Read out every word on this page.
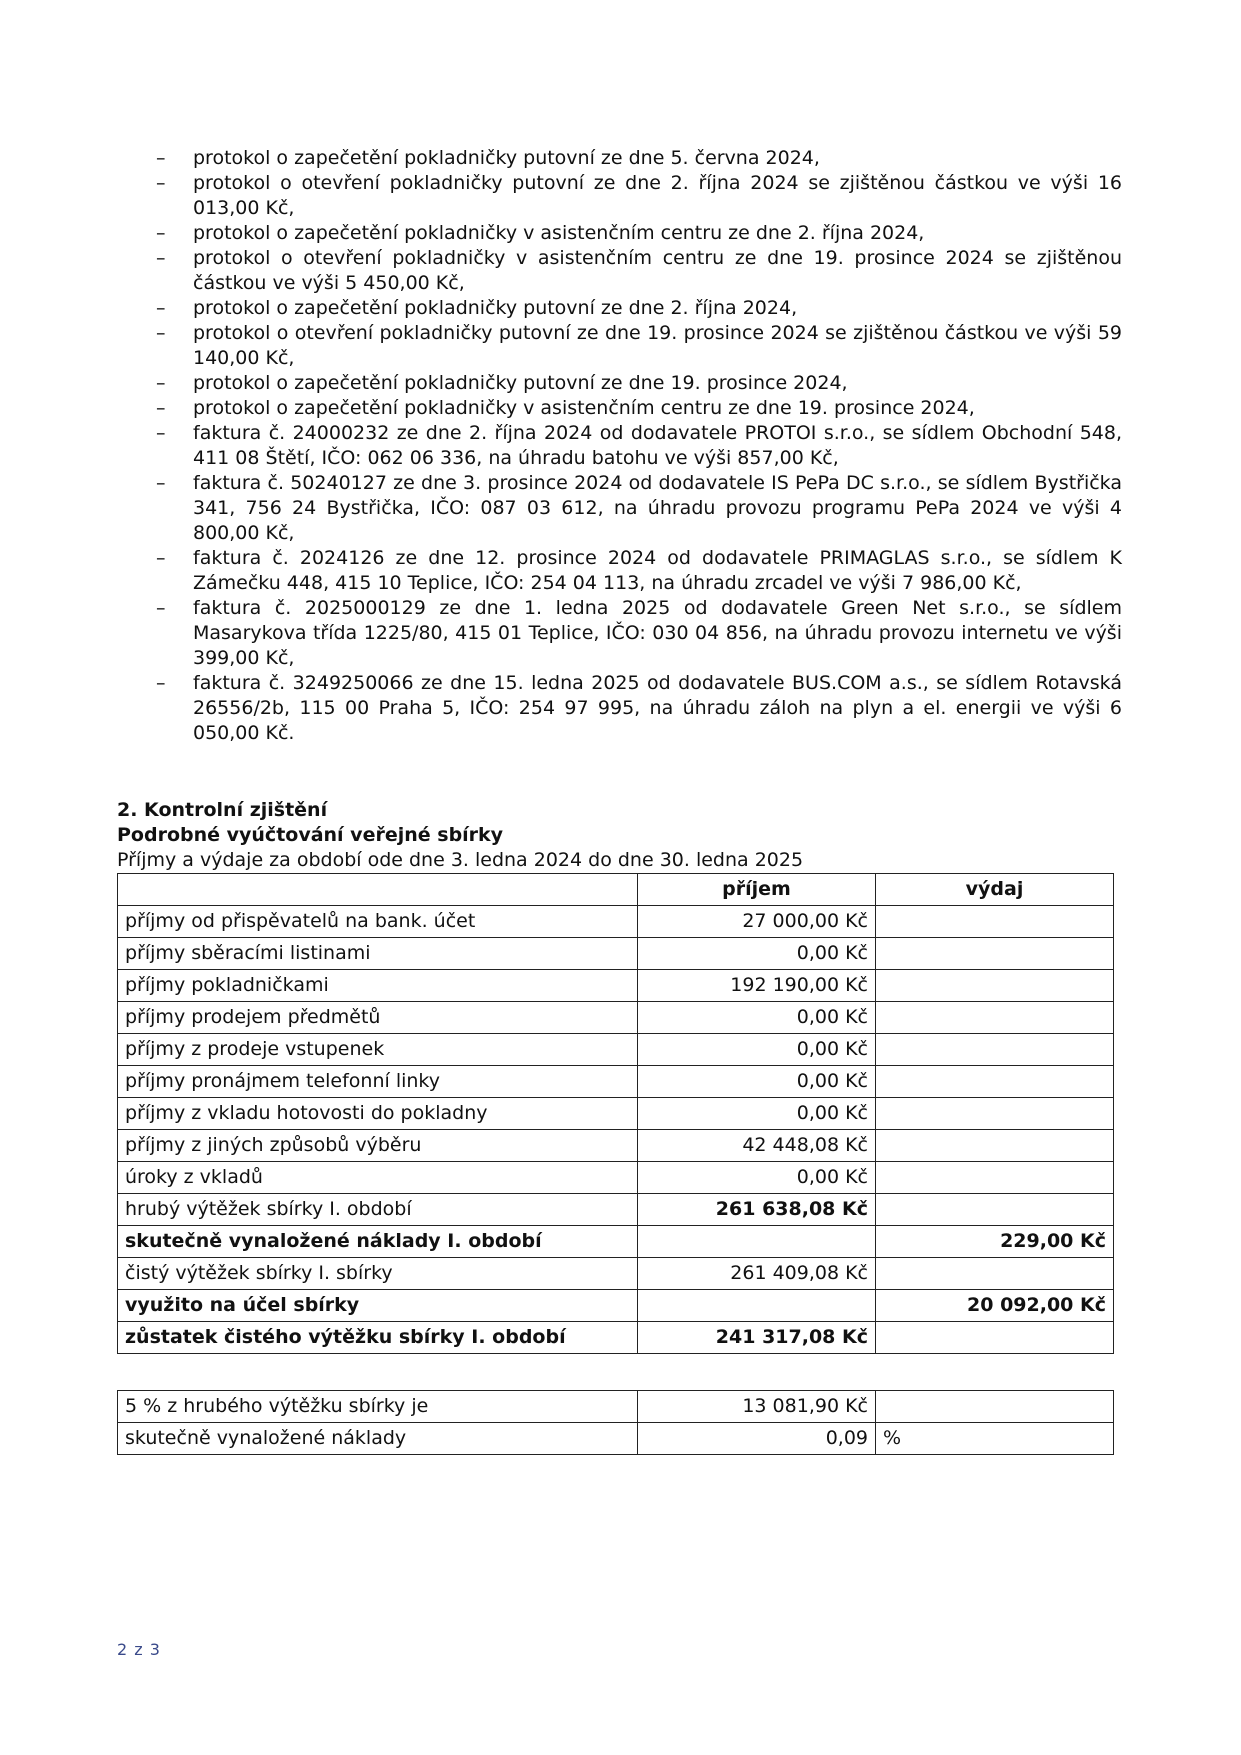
– protokol o zapečetění pokladničky putovní ze dne 5. června 2024,
– protokol o otevření pokladničky putovní ze dne 2. října 2024 se zjištěnou částkou ve výši 16 013,00 Kč,
– protokol o zapečetění pokladničky v asistenčním centru ze dne 2. října 2024,
– protokol o otevření pokladničky v asistenčním centru ze dne 19. prosince 2024 se zjištěnou částkou ve výši 5 450,00 Kč,
– protokol o zapečetění pokladničky putovní ze dne 2. října 2024,
– protokol o otevření pokladničky putovní ze dne 19. prosince 2024 se zjištěnou částkou ve výši 59 140,00 Kč,
– protokol o zapečetění pokladničky putovní ze dne 19. prosince 2024,
– protokol o zapečetění pokladničky v asistenčním centru ze dne 19. prosince 2024,
– faktura č. 24000232 ze dne 2. října 2024 od dodavatele PROTOI s.r.o., se sídlem Obchodní 548, 411 08 Štětí, IČO: 062 06 336, na úhradu batohu ve výši 857,00 Kč,
– faktura č. 50240127 ze dne 3. prosince 2024 od dodavatele IS PePa DC s.r.o., se sídlem Bystřička 341, 756 24 Bystřička, IČO: 087 03 612, na úhradu provozu programu PePa 2024 ve výši 4 800,00 Kč,
– faktura č. 2024126 ze dne 12. prosince 2024 od dodavatele PRIMAGLAS s.r.o., se sídlem K Zámečku 448, 415 10 Teplice, IČO: 254 04 113, na úhradu zrcadel ve výši 7 986,00 Kč,
– faktura č. 2025000129 ze dne 1. ledna 2025 od dodavatele Green Net s.r.o., se sídlem Masarykova třída 1225/80, 415 01 Teplice, IČO: 030 04 856, na úhradu provozu internetu ve výši 399,00 Kč,
– faktura č. 3249250066 ze dne 15. ledna 2025 od dodavatele BUS.COM a.s., se sídlem Rotavská 26556/2b, 115 00 Praha 5, IČO: 254 97 995, na úhradu záloh na plyn a el. energii ve výši 6 050,00 Kč.
2. Kontrolní zjištění
Podrobné vyúčtování veřejné sbírky

Příjmy a výdaje za období ode dne 3. ledna 2024 do dne 30. ledna 2025

	příjem	výdaj
příjmy od přispěvatelů na bank. účet	27 000,00 Kč	
příjmy sběracími listinami	0,00 Kč	
příjmy pokladničkami	192 190,00 Kč	
příjmy prodejem předmětů	0,00 Kč	
příjmy z prodeje vstupenek	0,00 Kč	
příjmy pronájmem telefonní linky	0,00 Kč	
příjmy z vkladu hotovosti do pokladny	0,00 Kč	
příjmy z jiných způsobů výběru	42 448,08 Kč	
úroky z vkladů	0,00 Kč	
hrubý výtěžek sbírky I. období	261 638,08 Kč	
skutečně vynaložené náklady I. období		229,00 Kč
čistý výtěžek sbírky I. sbírky	261 409,08 Kč	
využito na účel sbírky		20 092,00 Kč
zůstatek čistého výtěžku sbírky I. období	241 317,08 Kč	
5 % z hrubého výtěžku sbírky je	13 081,90 Kč	
skutečně vynaložené náklady	0,09	%
2 z 3
